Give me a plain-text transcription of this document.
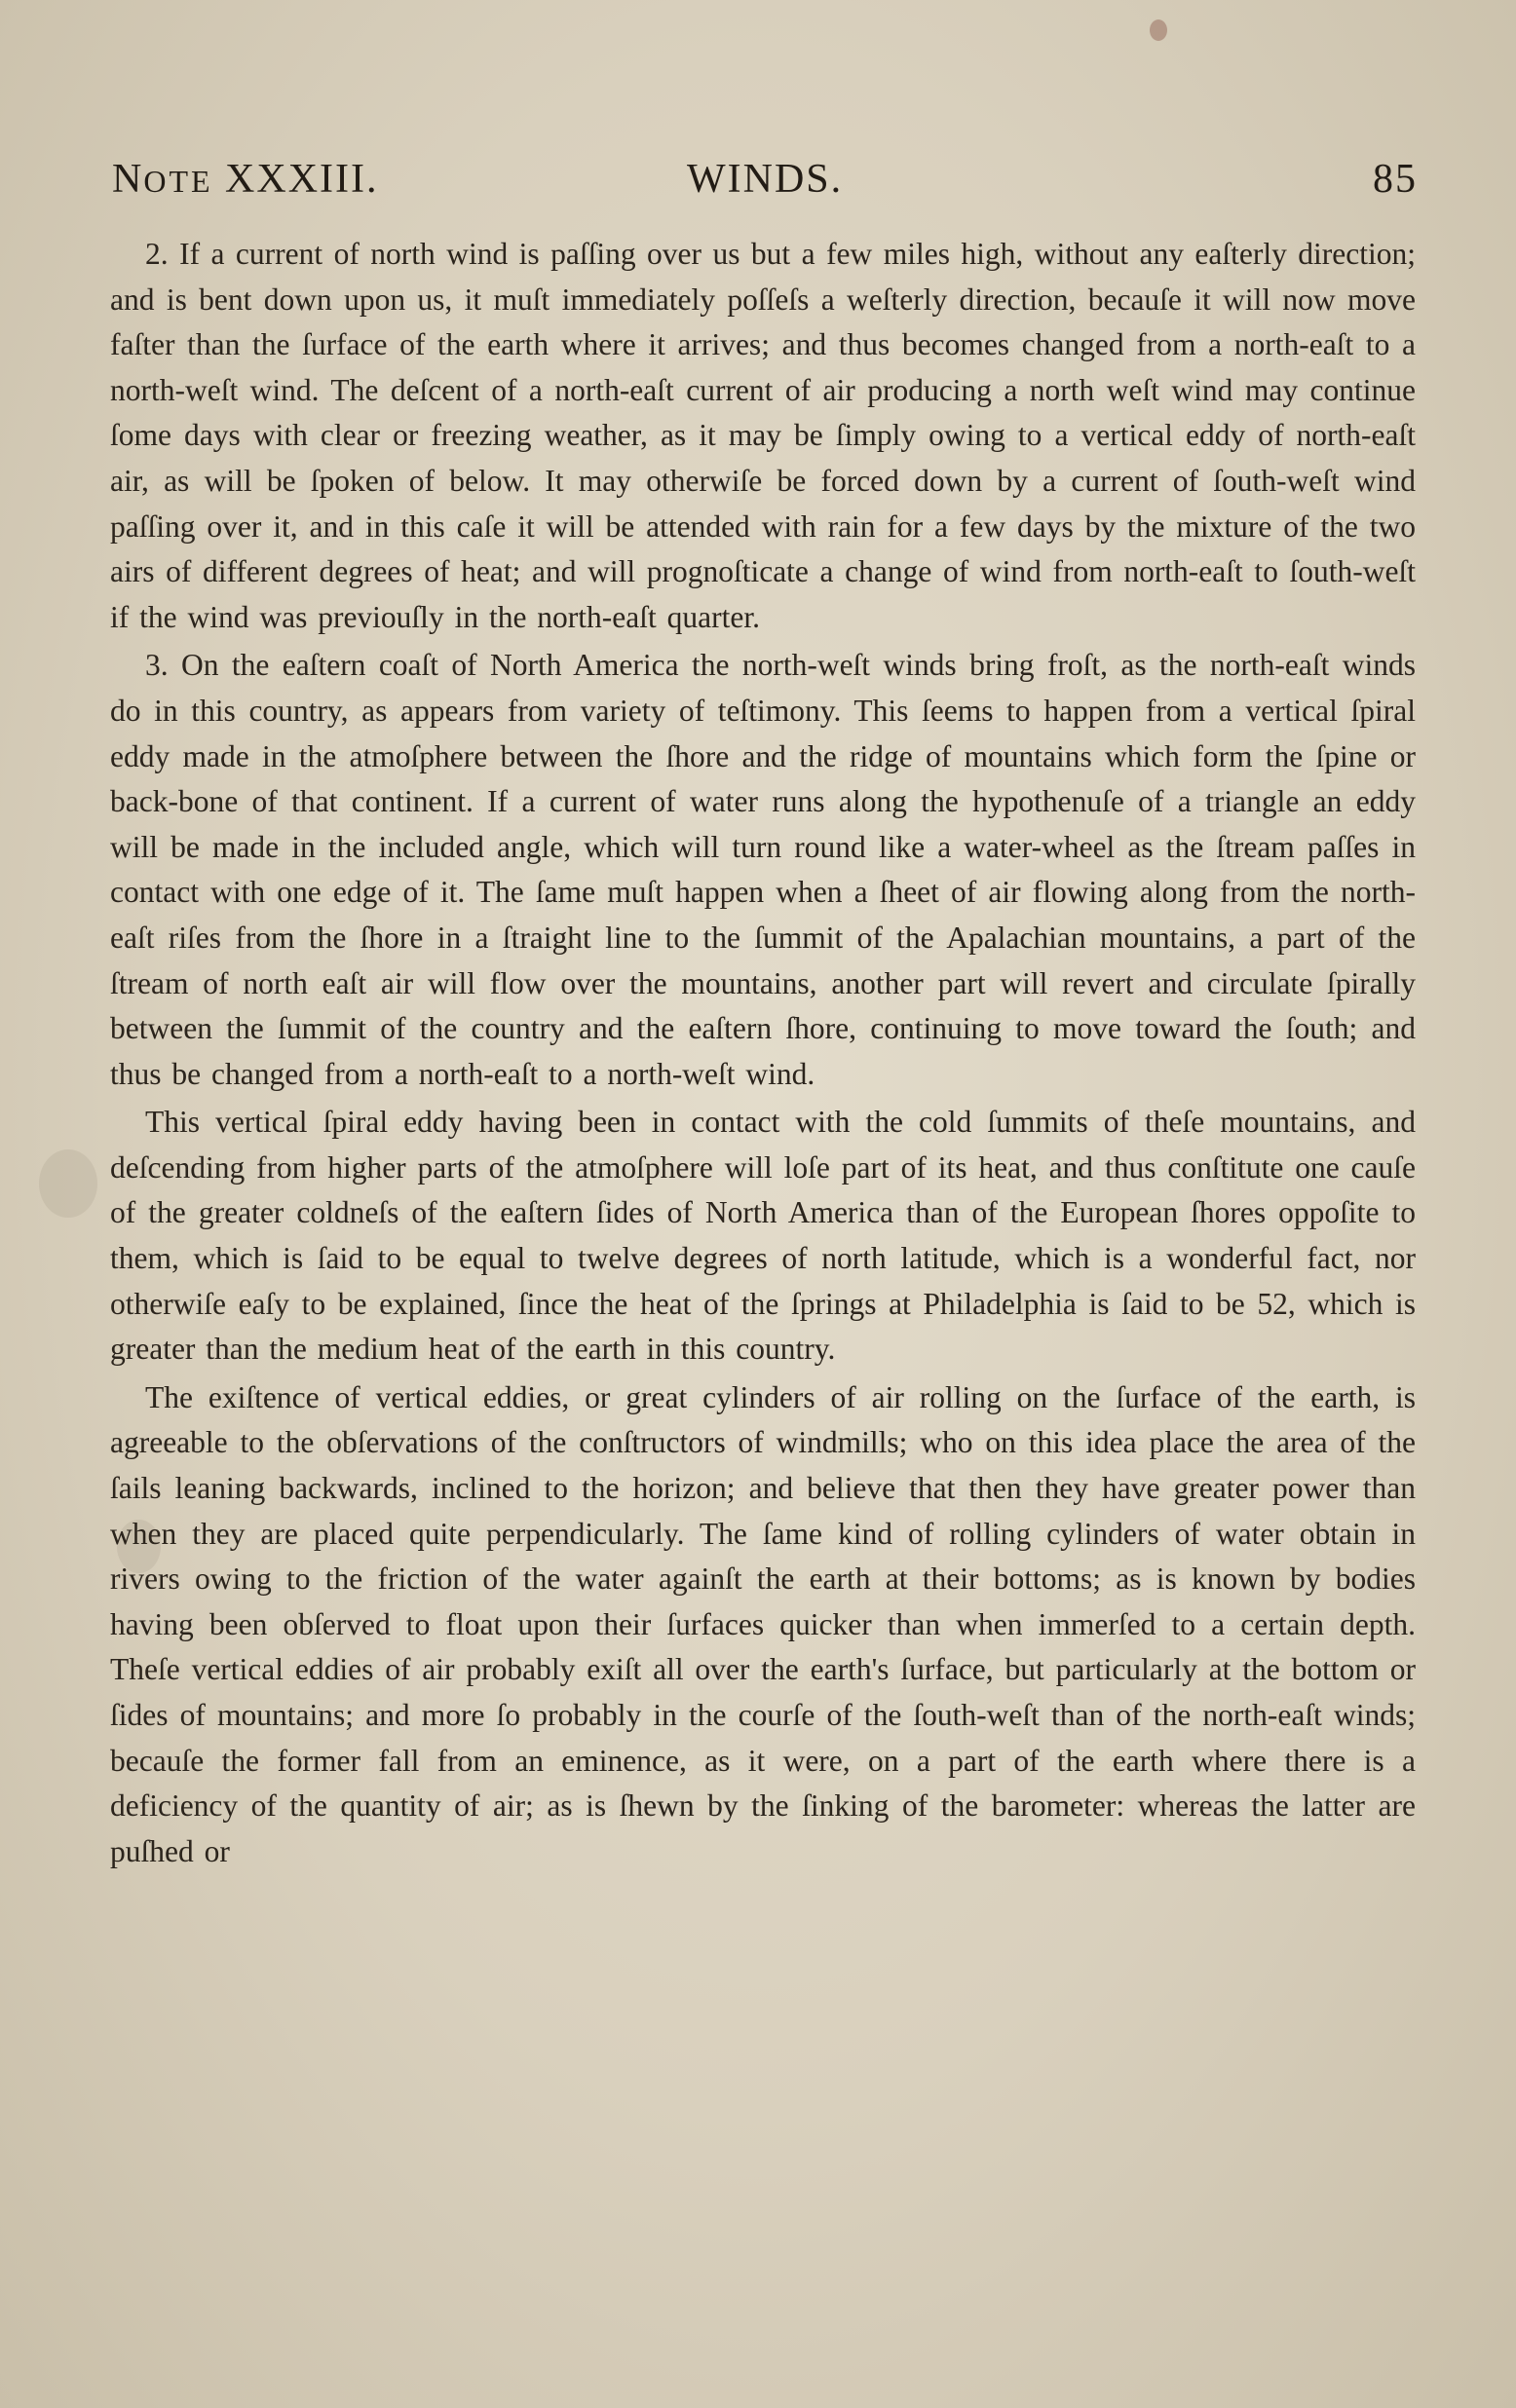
NOTE XXXIII.	WINDS.	85

2. If a current of north wind is paſſing over us but a few miles high, without any eaſterly direction; and is bent down upon us, it muſt immediately poſſeſs a weſterly direction, becauſe it will now move faſter than the ſurface of the earth where it arrives; and thus becomes changed from a north-eaſt to a north-weſt wind. The deſcent of a north-eaſt current of air producing a north weſt wind may continue ſome days with clear or freezing weather, as it may be ſimply owing to a vertical eddy of north-eaſt air, as will be ſpoken of below. It may otherwiſe be forced down by a current of ſouth-weſt wind paſſing over it, and in this caſe it will be attended with rain for a few days by the mixture of the two airs of different degrees of heat; and will prognoſticate a change of wind from north-eaſt to ſouth-weſt if the wind was previouſly in the north-eaſt quarter.

3. On the eaſtern coaſt of North America the north-weſt winds bring froſt, as the north-eaſt winds do in this country, as appears from variety of teſtimony. This ſeems to happen from a vertical ſpiral eddy made in the atmoſphere between the ſhore and the ridge of mountains which form the ſpine or back-bone of that continent. If a current of water runs along the hypothenuſe of a triangle an eddy will be made in the included angle, which will turn round like a water-wheel as the ſtream paſſes in contact with one edge of it. The ſame muſt happen when a ſheet of air flowing along from the north-eaſt riſes from the ſhore in a ſtraight line to the ſummit of the Apalachian mountains, a part of the ſtream of north eaſt air will flow over the mountains, another part will revert and circulate ſpirally between the ſummit of the country and the eaſtern ſhore, continuing to move toward the ſouth; and thus be changed from a north-eaſt to a north-weſt wind.

This vertical ſpiral eddy having been in contact with the cold ſummits of theſe mountains, and deſcending from higher parts of the atmoſphere will loſe part of its heat, and thus conſtitute one cauſe of the greater coldneſs of the eaſtern ſides of North America than of the European ſhores oppoſite to them, which is ſaid to be equal to twelve degrees of north latitude, which is a wonderful fact, nor otherwiſe eaſy to be explained, ſince the heat of the ſprings at Philadelphia is ſaid to be 52, which is greater than the medium heat of the earth in this country.

The exiſtence of vertical eddies, or great cylinders of air rolling on the ſurface of the earth, is agreeable to the obſervations of the conſtructors of windmills; who on this idea place the area of the ſails leaning backwards, inclined to the horizon; and believe that then they have greater power than when they are placed quite perpendicularly. The ſame kind of rolling cylinders of water obtain in rivers owing to the friction of the water againſt the earth at their bottoms; as is known by bodies having been obſerved to float upon their ſurfaces quicker than when immerſed to a certain depth. Theſe vertical eddies of air probably exiſt all over the earth's ſurface, but particularly at the bottom or ſides of mountains; and more ſo probably in the courſe of the ſouth-weſt than of the north-eaſt winds; becauſe the former fall from an eminence, as it were, on a part of the earth where there is a deficiency of the quantity of air; as is ſhewn by the ſinking of the barometer: whereas the latter are puſhed or
